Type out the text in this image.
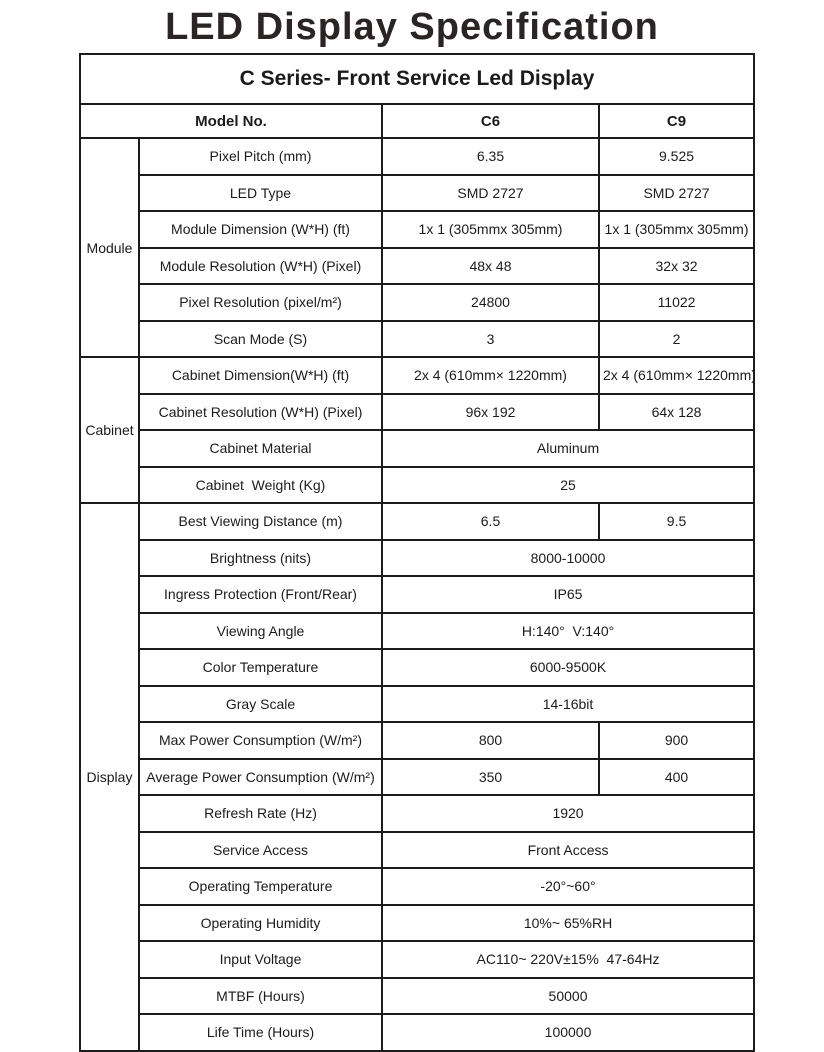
LED Display Specification
C Series- Front Service Led Display			
Model No.		C6	C9
Module	Pixel Pitch (mm)	6.35	9.525
	LED Type	SMD 2727	SMD 2727
	Module Dimension (W*H) (ft)	1x 1 (305mmx 305mm)	1x 1 (305mmx 305mm)
	Module Resolution (W*H) (Pixel)	48x 48	32x 32
	Pixel Resolution (pixel/m²)	24800	11022
	Scan Mode (S)	3	2
Cabinet	Cabinet Dimension(W*H) (ft)	2x 4 (610mm× 1220mm)	2x 4 (610mm× 1220mm)
	Cabinet Resolution (W*H) (Pixel)	96x 192	64x 128
	Cabinet Material	Aluminum	
	Cabinet  Weight (Kg)	25	
Display	Best Viewing Distance (m)	6.5	9.5
	Brightness (nits)	8000-10000	
	Ingress Protection (Front/Rear)	IP65	
	Viewing Angle	H:140°  V:140°	
	Color Temperature	6000-9500K	
	Gray Scale	14-16bit	
	Max Power Consumption (W/m²)	800	900
	Average Power Consumption (W/m²)	350	400
	Refresh Rate (Hz)	1920	
	Service Access	Front Access	
	Operating Temperature	-20°~60°	
	Operating Humidity	10%~ 65%RH	
	Input Voltage	AC110~ 220V±15%  47-64Hz	
	MTBF (Hours)	50000	
	Life Time (Hours)	100000	
